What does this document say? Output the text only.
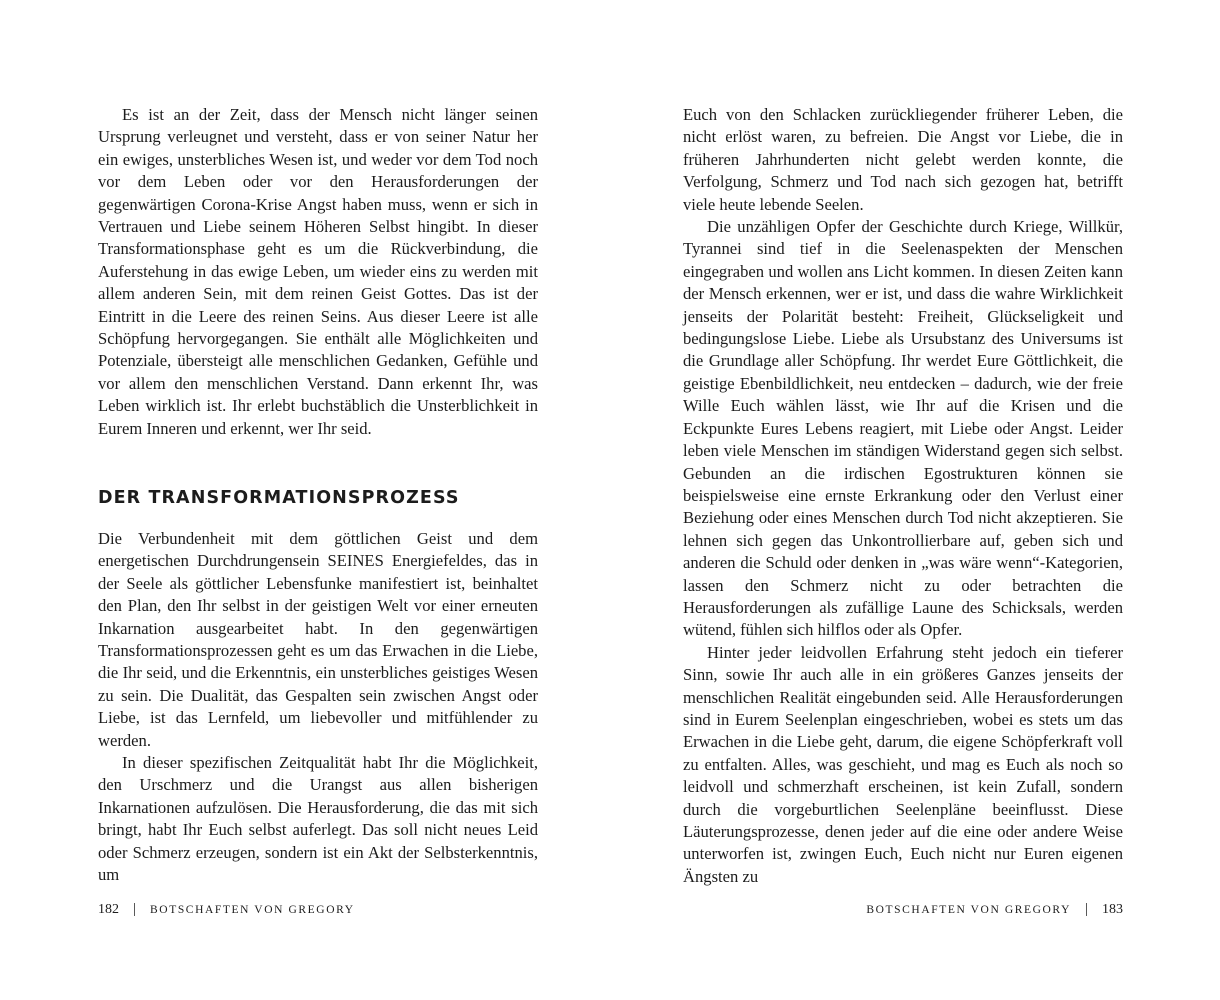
Es ist an der Zeit, dass der Mensch nicht länger seinen Ursprung verleugnet und versteht, dass er von seiner Natur her ein ewiges, unsterbliches Wesen ist, und weder vor dem Tod noch vor dem Leben oder vor den Herausforderungen der gegenwärtigen Corona-Krise Angst haben muss, wenn er sich in Vertrauen und Liebe seinem Höheren Selbst hingibt. In dieser Transformationsphase geht es um die Rückverbindung, die Auferstehung in das ewige Leben, um wieder eins zu werden mit allem anderen Sein, mit dem reinen Geist Gottes. Das ist der Eintritt in die Leere des reinen Seins. Aus dieser Leere ist alle Schöpfung hervorgegangen. Sie enthält alle Möglichkeiten und Potenziale, übersteigt alle menschlichen Gedanken, Gefühle und vor allem den menschlichen Verstand. Dann erkennt Ihr, was Leben wirklich ist. Ihr erlebt buchstäblich die Unsterblichkeit in Eurem Inneren und erkennt, wer Ihr seid.

DER TRANSFORMATIONSPROZESS

Die Verbundenheit mit dem göttlichen Geist und dem energetischen Durchdrungensein SEINES Energiefeldes, das in der Seele als göttlicher Lebensfunke manifestiert ist, beinhaltet den Plan, den Ihr selbst in der geistigen Welt vor einer erneuten Inkarnation ausgearbeitet habt. In den gegenwärtigen Transformationsprozessen geht es um das Erwachen in die Liebe, die Ihr seid, und die Erkenntnis, ein unsterbliches geistiges Wesen zu sein. Die Dualität, das Gespalten sein zwischen Angst oder Liebe, ist das Lernfeld, um liebevoller und mitfühlender zu werden.

In dieser spezifischen Zeitqualität habt Ihr die Möglichkeit, den Urschmerz und die Urangst aus allen bisherigen Inkarnationen aufzulösen. Die Herausforderung, die das mit sich bringt, habt Ihr Euch selbst auferlegt. Das soll nicht neues Leid oder Schmerz erzeugen, sondern ist ein Akt der Selbsterkenntnis, um

Euch von den Schlacken zurückliegender früherer Leben, die nicht erlöst waren, zu befreien. Die Angst vor Liebe, die in früheren Jahrhunderten nicht gelebt werden konnte, die Verfolgung, Schmerz und Tod nach sich gezogen hat, betrifft viele heute lebende Seelen.

Die unzähligen Opfer der Geschichte durch Kriege, Willkür, Tyrannei sind tief in die Seelenaspekten der Menschen eingegraben und wollen ans Licht kommen. In diesen Zeiten kann der Mensch erkennen, wer er ist, und dass die wahre Wirklichkeit jenseits der Polarität besteht: Freiheit, Glückseligkeit und bedingungslose Liebe. Liebe als Ursubstanz des Universums ist die Grundlage aller Schöpfung. Ihr werdet Eure Göttlichkeit, die geistige Ebenbildlichkeit, neu entdecken – dadurch, wie der freie Wille Euch wählen lässt, wie Ihr auf die Krisen und die Eckpunkte Eures Lebens reagiert, mit Liebe oder Angst. Leider leben viele Menschen im ständigen Widerstand gegen sich selbst. Gebunden an die irdischen Egostrukturen können sie beispielsweise eine ernste Erkrankung oder den Verlust einer Beziehung oder eines Menschen durch Tod nicht akzeptieren. Sie lehnen sich gegen das Unkontrollierbare auf, geben sich und anderen die Schuld oder denken in „was wäre wenn“-Kategorien, lassen den Schmerz nicht zu oder betrachten die Herausforderungen als zufällige Laune des Schicksals, werden wütend, fühlen sich hilflos oder als Opfer.

Hinter jeder leidvollen Erfahrung steht jedoch ein tieferer Sinn, sowie Ihr auch alle in ein größeres Ganzes jenseits der menschlichen Realität eingebunden seid. Alle Herausforderungen sind in Eurem Seelenplan eingeschrieben, wobei es stets um das Erwachen in die Liebe geht, darum, die eigene Schöpferkraft voll zu entfalten. Alles, was geschieht, und mag es Euch als noch so leidvoll und schmerzhaft erscheinen, ist kein Zufall, sondern durch die vorgeburtlichen Seelenpläne beeinflusst. Diese Läuterungsprozesse, denen jeder auf die eine oder andere Weise unterworfen ist, zwingen Euch, Euch nicht nur Euren eigenen Ängsten zu

182 | BOTSCHAFTEN VON GREGORY	BOTSCHAFTEN VON GREGORY | 183
